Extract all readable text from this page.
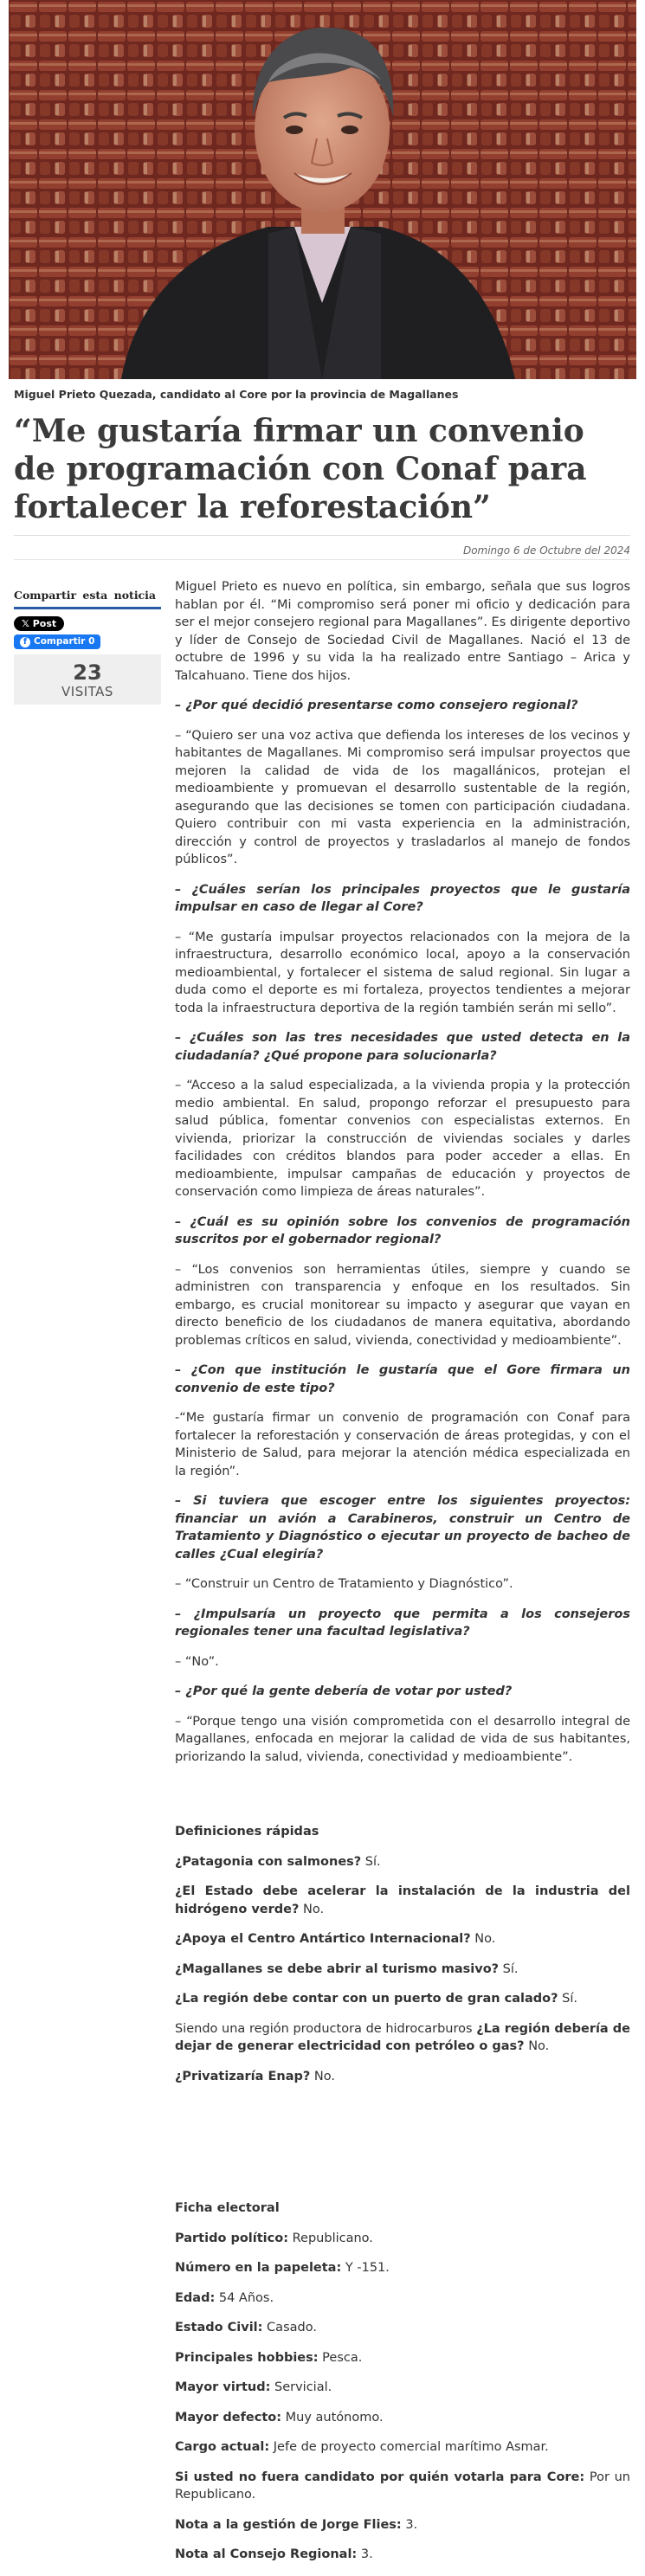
Miguel Prieto Quezada, candidato al Core por la provincia de Magallanes
“Me gustaría firmar un convenio de programación con Conaf para fortalecer la reforestación”
Domingo 6 de Octubre del 2024
Compartir esta noticia
𝕏 Post
f Compartir 0
23
VISITAS

Miguel Prieto es nuevo en política, sin embargo, señala que sus logros hablan por él. “Mi compromiso será poner mi oficio y dedicación para ser el mejor consejero regional para Magallanes”. Es dirigente deportivo y líder de Consejo de Sociedad Civil de Magallanes. Nació el 13 de octubre de 1996 y su vida la ha realizado entre Santiago – Arica y Talcahuano. Tiene dos hijos.

– ¿Por qué decidió presentarse como consejero regional?

– “Quiero ser una voz activa que defienda los intereses de los vecinos y habitantes de Magallanes. Mi compromiso será impulsar proyectos que mejoren la calidad de vida de los magallánicos, protejan el medioambiente y promuevan el desarrollo sustentable de la región, asegurando que las decisiones se tomen con participación ciudadana. Quiero contribuir con mi vasta experiencia en la administración, dirección y control de proyectos y trasladarlos al manejo de fondos públicos”.

– ¿Cuáles serían los principales proyectos que le gustaría impulsar en caso de llegar al Core?

– “Me gustaría impulsar proyectos relacionados con la mejora de la infraestructura, desarrollo económico local, apoyo a la conservación medioambiental, y fortalecer el sistema de salud regional. Sin lugar a duda como el deporte es mi fortaleza, proyectos tendientes a mejorar toda la infraestructura deportiva de la región también serán mi sello”.

– ¿Cuáles son las tres necesidades que usted detecta en la ciudadanía? ¿Qué propone para solucionarla?

– “Acceso a la salud especializada, a la vivienda propia y la protección medio ambiental. En salud, propongo reforzar el presupuesto para salud pública, fomentar convenios con especialistas externos. En vivienda, priorizar la construcción de viviendas sociales y darles facilidades con créditos blandos para poder acceder a ellas. En medioambiente, impulsar campañas de educación y proyectos de conservación como limpieza de áreas naturales”.

– ¿Cuál es su opinión sobre los convenios de programación suscritos por el gobernador regional?

– “Los convenios son herramientas útiles, siempre y cuando se administren con transparencia y enfoque en los resultados. Sin embargo, es crucial monitorear su impacto y asegurar que vayan en directo beneficio de los ciudadanos de manera equitativa, abordando problemas críticos en salud, vivienda, conectividad y medioambiente”.

– ¿Con que institución le gustaría que el Gore firmara un convenio de este tipo?

-“Me gustaría firmar un convenio de programación con Conaf para fortalecer la reforestación y conservación de áreas protegidas, y con el Ministerio de Salud, para mejorar la atención médica especializada en la región”.

– Si tuviera que escoger entre los siguientes proyectos: financiar un avión a Carabineros, construir un Centro de Tratamiento y Diagnóstico o ejecutar un proyecto de bacheo de calles ¿Cual elegiría?

– “Construir un Centro de Tratamiento y Diagnóstico”.

– ¿Impulsaría un proyecto que permita a los consejeros regionales tener una facultad legislativa?

– “No”.

– ¿Por qué la gente debería de votar por usted?

– “Porque tengo una visión comprometida con el desarrollo integral de Magallanes, enfocada en mejorar la calidad de vida de sus habitantes, priorizando la salud, vivienda, conectividad y medioambiente”.

Definiciones rápidas

¿Patagonia con salmones? Sí.

¿El Estado debe acelerar la instalación de la industria del hidrógeno verde? No.

¿Apoya el Centro Antártico Internacional? No.

¿Magallanes se debe abrir al turismo masivo? Sí.

¿La región debe contar con un puerto de gran calado? Sí.

Siendo una región productora de hidrocarburos ¿La región debería de dejar de generar electricidad con petróleo o gas? No.

¿Privatizaría Enap? No.

Ficha electoral

Partido político: Republicano.

Número en la papeleta: Y -151.

Edad: 54 Años.

Estado Civil: Casado.

Principales hobbies: Pesca.

Mayor virtud: Servicial.

Mayor defecto: Muy autónomo.

Cargo actual: Jefe de proyecto comercial marítimo Asmar.

Si usted no fuera candidato por quién votarla para Core: Por un Republicano.

Nota a la gestión de Jorge Flies: 3.

Nota al Consejo Regional: 3.
